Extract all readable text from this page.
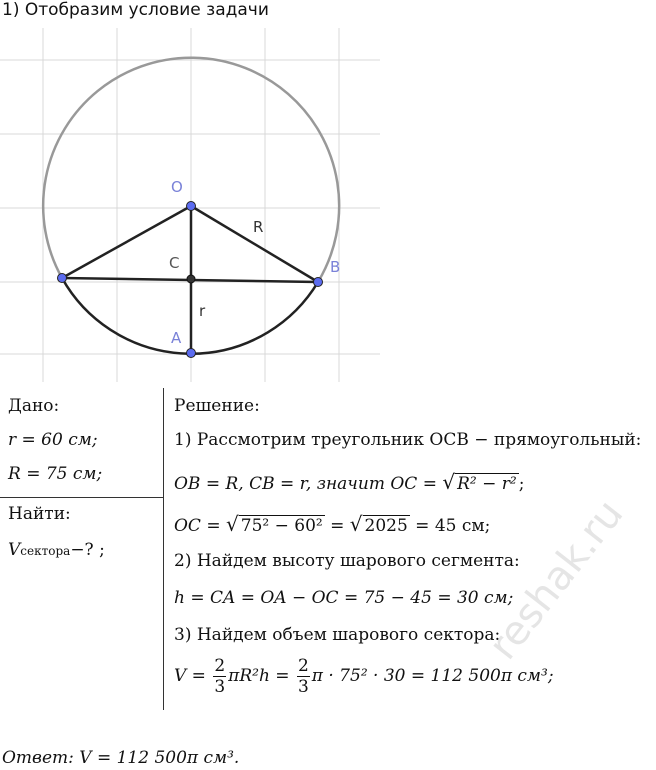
1) Отобразим условие задачи
O
R
C	B
r
A
Дано:
r = 60 см;
R = 75 см;
Найти:
Vсектора−? ;
Решение:
1) Рассмотрим треугольник OCB − прямоугольный:
OB = R, CB = r, значит OC = √ R² − r² ;
OC = √ 75² − 60² = √ 2025 = 45 см;
2) Найдем высоту шарового сегмента:
h = CA = OA − OC = 75 − 45 = 30 см;
3) Найдем объем шарового сектора:
$V = \frac{2}{3} \pi R^2h = \frac{2}{3}$ π · 75² · 30 = 112 500π см³;
Ответ: V = 112 500π см³.
reshak.ru
